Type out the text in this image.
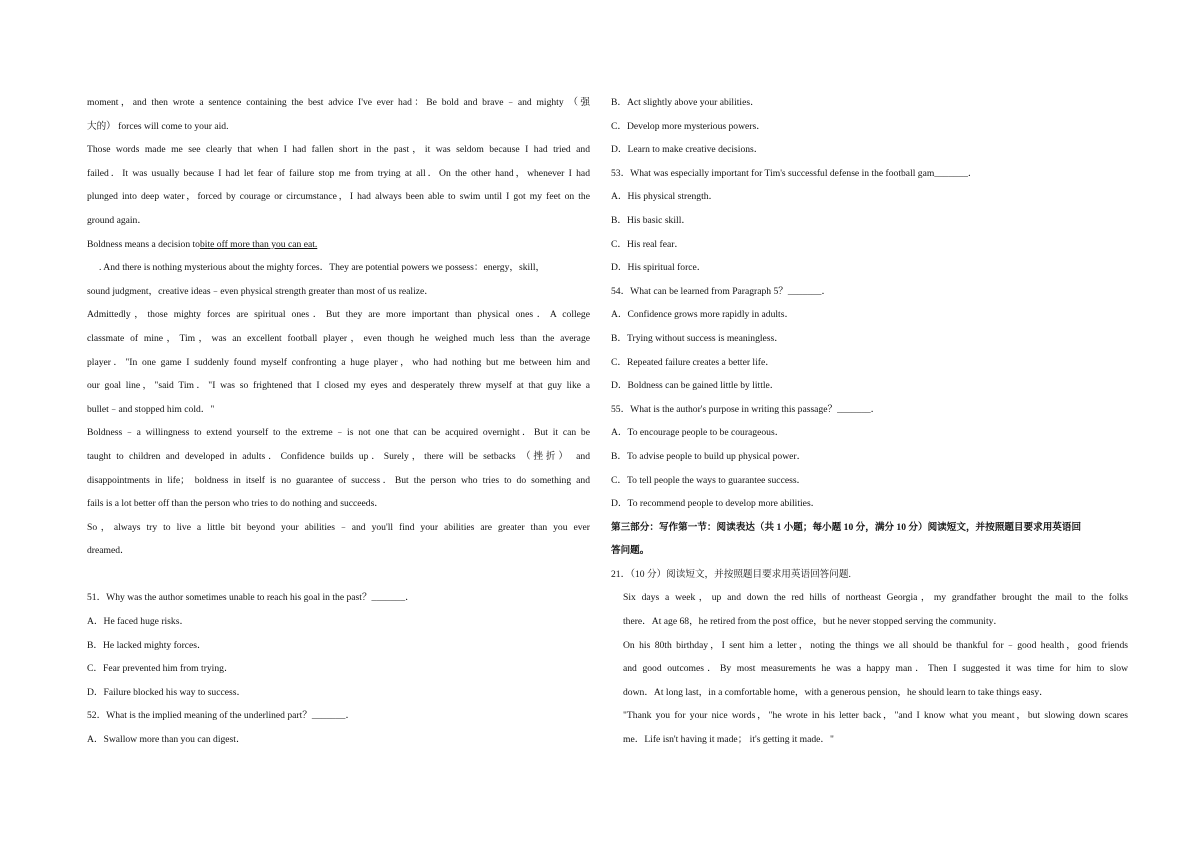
moment，and then wrote a sentence containing the best advice I've ever had：Be bold and brave﹣and mighty （强
大的） forces will come to your aid.
Those words made me see clearly that when I had fallen short in the past，it was seldom because I had tried and
failed．It was usually because I had let fear of failure stop me from trying at all．On the other hand，whenever I had
plunged into deep water，forced by courage or circumstance，I had always been able to swim until I got my feet on the
ground again．
Boldness means a decision tobite off more than you can eat.
. And there is nothing mysterious about the mighty forces．They are potential powers we possess：energy，skill，
sound judgment，creative ideas﹣even physical strength greater than most of us realize．
Admittedly，those mighty forces are spiritual ones．But they are more important than physical ones．A college
classmate of mine，Tim，was an excellent football player，even though he weighed much less than the average
player．"In one game I suddenly found myself confronting a huge player，who had nothing but me between him and
our goal line，"said Tim．"I was so frightened that I closed my eyes and desperately threw myself at that guy like a
bullet﹣and stopped him cold．"
Boldness﹣a willingness to extend yourself to the extreme﹣is not one that can be acquired overnight．But it can be
taught to children and developed in adults．Confidence builds up．Surely，there will be setbacks （挫折） and
disappointments in life； boldness in itself is no guarantee of success．But the person who tries to do something and
fails is a lot better off than the person who tries to do nothing and succeeds．
So，always try to live a little bit beyond your abilities﹣and you'll find your abilities are greater than you ever
dreamed．
51．Why was the author sometimes unable to reach his goal in the past？_______．
A．He faced huge risks．
B．He lacked mighty forces．
C．Fear prevented him from trying．
D．Failure blocked his way to success．
52．What is the implied meaning of the underlined part？_______．
A．Swallow more than you can digest．
B．Act slightly above your abilities．
C．Develop more mysterious powers．
D．Learn to make creative decisions．
53．What was especially important for Tim's successful defense in the football gam_______．
A．His physical strength．
B．His basic skill．
C．His real fear．
D．His spiritual force．
54．What can be learned from Paragraph 5？_______．
A．Confidence grows more rapidly in adults．
B．Trying without success is meaningless．
C．Repeated failure creates a better life．
D．Boldness can be gained little by little．
55．What is the author's purpose in writing this passage？_______．
A．To encourage people to be courageous．
B．To advise people to build up physical power．
C．To tell people the ways to guarantee success．
D．To recommend people to develop more abilities．
第三部分：写作第一节：阅读表达（共 1 小题；每小题 10 分，满分 10 分）阅读短文，并按照题目要求用英语回
答问题。
21．（10 分）阅读短文，并按照题目要求用英语回答问题.
Six days a week，up and down the red hills of northeast Georgia，my grandfather brought the mail to the folks
there．At age 68，he retired from the post office，but he never stopped serving the community．
On his 80th birthday，I sent him a letter，noting the things we all should be thankful for﹣good health，good friends
and good outcomes．By most measurements he was a happy man．Then I suggested it was time for him to slow
down．At long last，in a comfortable home，with a generous pension，he should learn to take things easy．
"Thank you for your nice words，"he wrote in his letter back，"and I know what you meant，but slowing down scares
me．Life isn't having it made； it's getting it made．"
